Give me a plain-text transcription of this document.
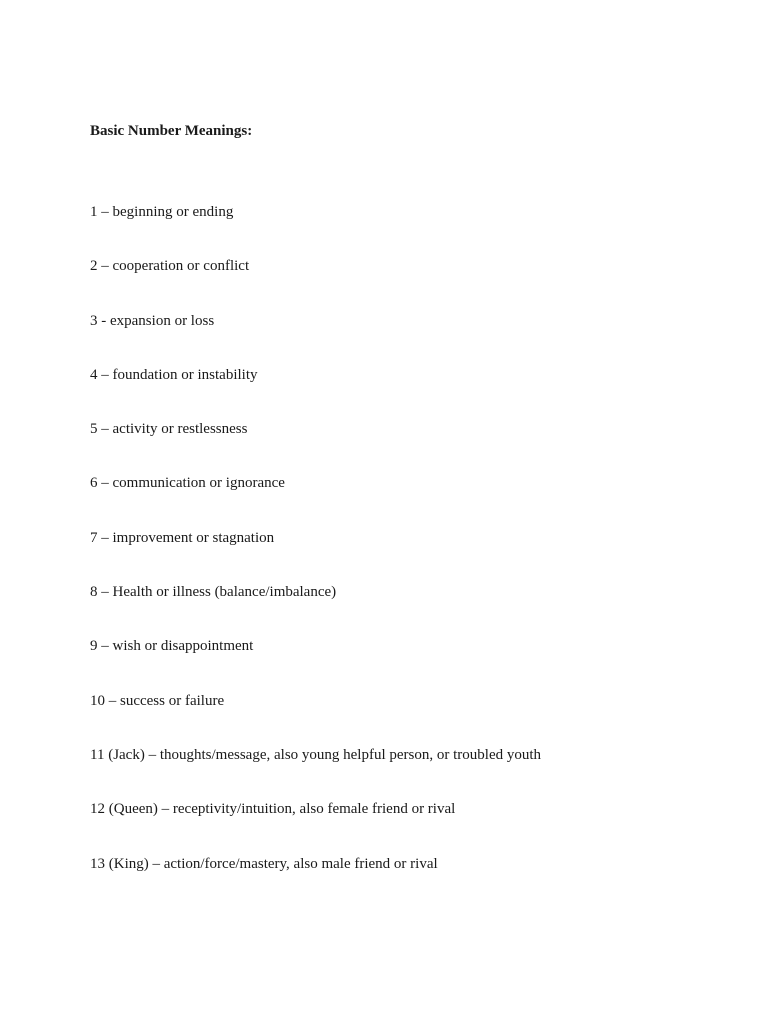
Basic Number Meanings:
1 – beginning or ending
2 – cooperation or conflict
3 - expansion or loss
4 – foundation or instability
5 – activity or restlessness
6 – communication or ignorance
7 – improvement or stagnation
8 – Health or illness (balance/imbalance)
9 – wish or disappointment
10 – success or failure
11 (Jack) – thoughts/message, also young helpful person, or troubled youth
12 (Queen) – receptivity/intuition, also female friend or rival
13 (King) – action/force/mastery, also male friend or rival
